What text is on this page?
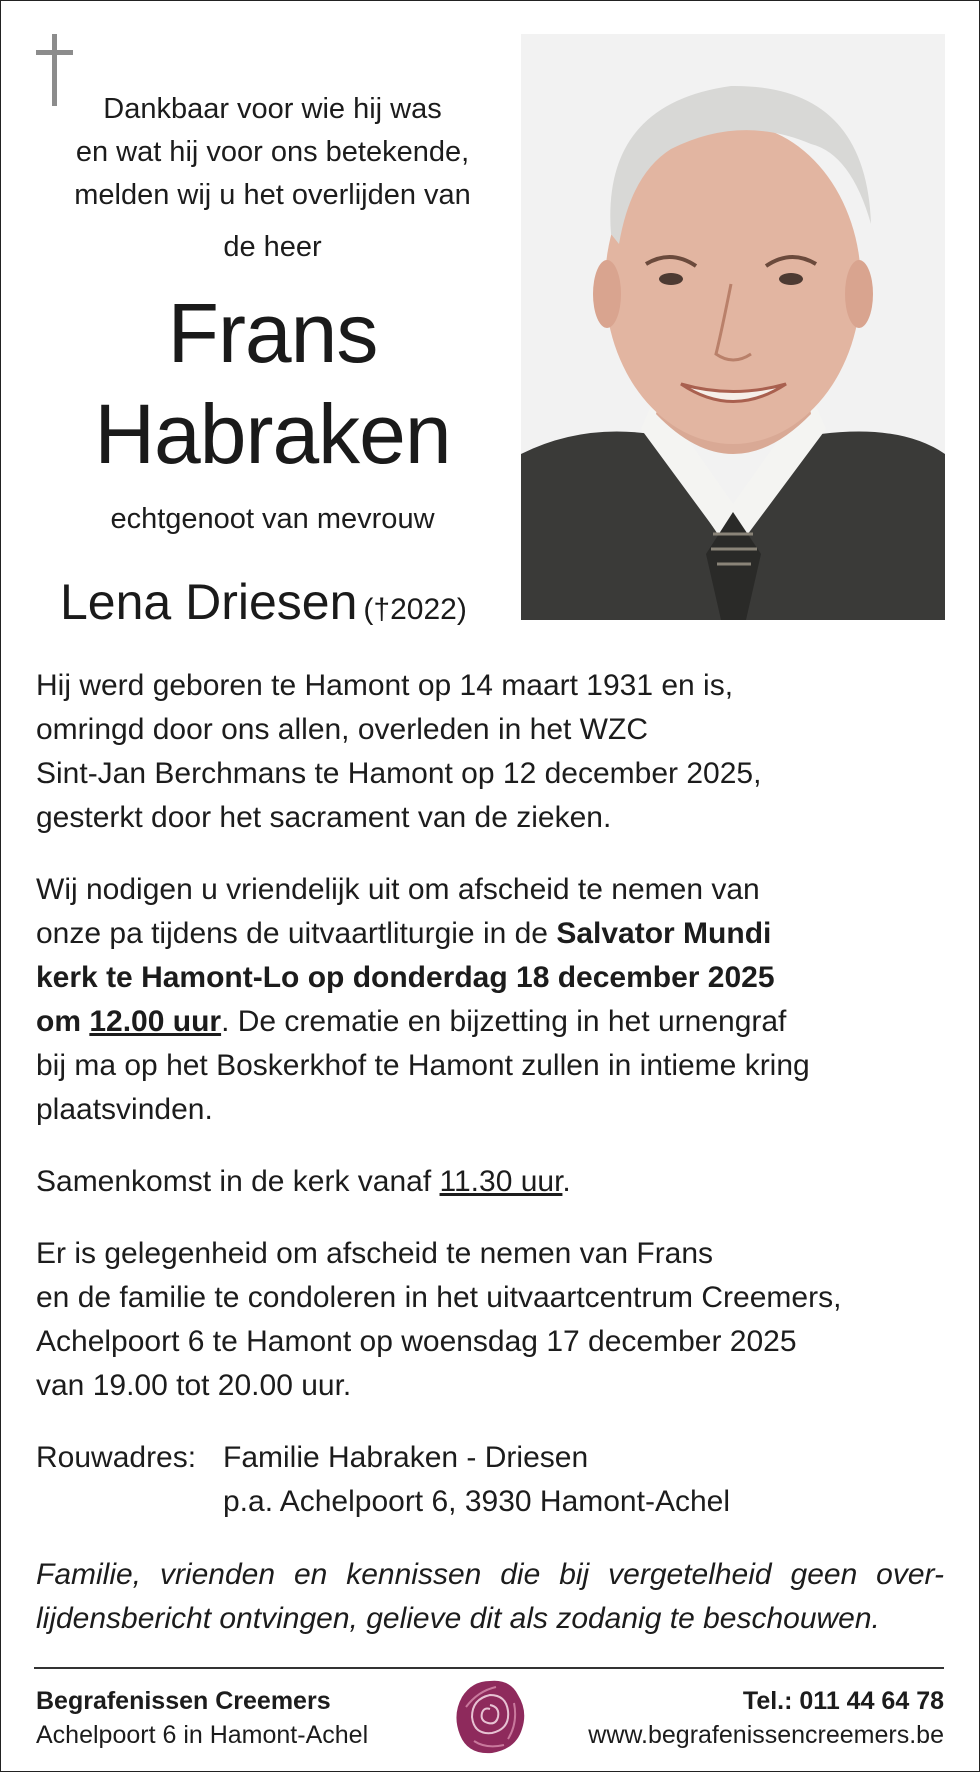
Dankbaar voor wie hij was
en wat hij voor ons betekende,
melden wij u het overlijden van
de heer
Frans
Habraken
echtgenoot van mevrouw
Lena Driesen (†2022)

Hij werd geboren te Hamont op 14 maart 1931 en is,

omringd door ons allen, overleden in het WZC

Sint-Jan Berchmans te Hamont op 12 december 2025,

gesterkt door het sacrament van de zieken.

Wij nodigen u vriendelijk uit om afscheid te nemen van

onze pa tijdens de uitvaartliturgie in de Salvator Mundi

kerk te Hamont-Lo op donderdag 18 december 2025

om 12.00 uur. De crematie en bijzetting in het urnengraf

bij ma op het Boskerkhof te Hamont zullen in intieme kring

plaatsvinden.

Samenkomst in de kerk vanaf 11.30 uur.

Er is gelegenheid om afscheid te nemen van Frans

en de familie te condoleren in het uitvaartcentrum Creemers,

Achelpoort 6 te Hamont op woensdag 17 december 2025

van 19.00 tot 20.00 uur.

Rouwadres: Familie Habraken - Driesen
p.a. Achelpoort 6, 3930 Hamont-Achel
Familie, vrienden en kennissen die bij vergetelheid geen over-
lijdensbericht ontvingen, gelieve dit als zodanig te beschouwen.
Begrafenissen Creemers
Achelpoort 6 in Hamont-Achel
Tel.: 011 44 64 78
www.begrafenissencreemers.be
